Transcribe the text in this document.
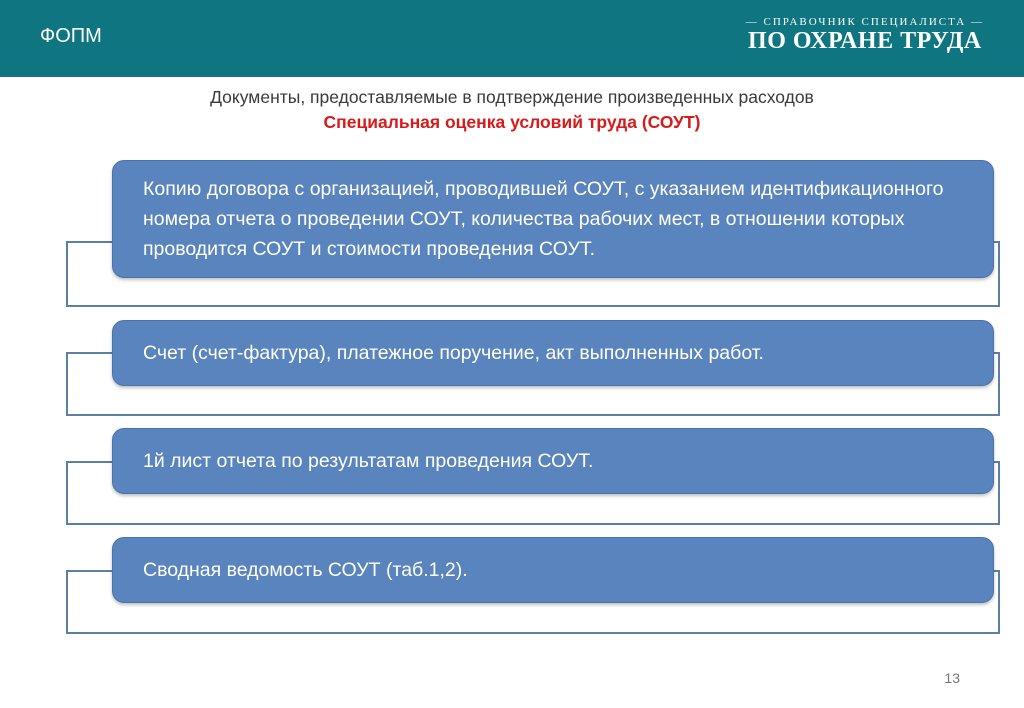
ФОПМ
— СПРАВОЧНИК СПЕЦИАЛИСТА —
ПО ОХРАНЕ ТРУДА
Документы, предоставляемые в подтверждение произведенных расходов
Специальная оценка условий труда (СОУТ)
Копию договора с организацией, проводившей СОУТ, с указанием идентификационного номера отчета о проведении СОУТ, количества рабочих мест, в отношении которых проводится СОУТ и стоимости проведения СОУТ.
Счет (счет-фактура), платежное поручение, акт выполненных работ.
1й лист отчета по результатам проведения СОУТ.
Сводная ведомость СОУТ (таб.1,2).
13
